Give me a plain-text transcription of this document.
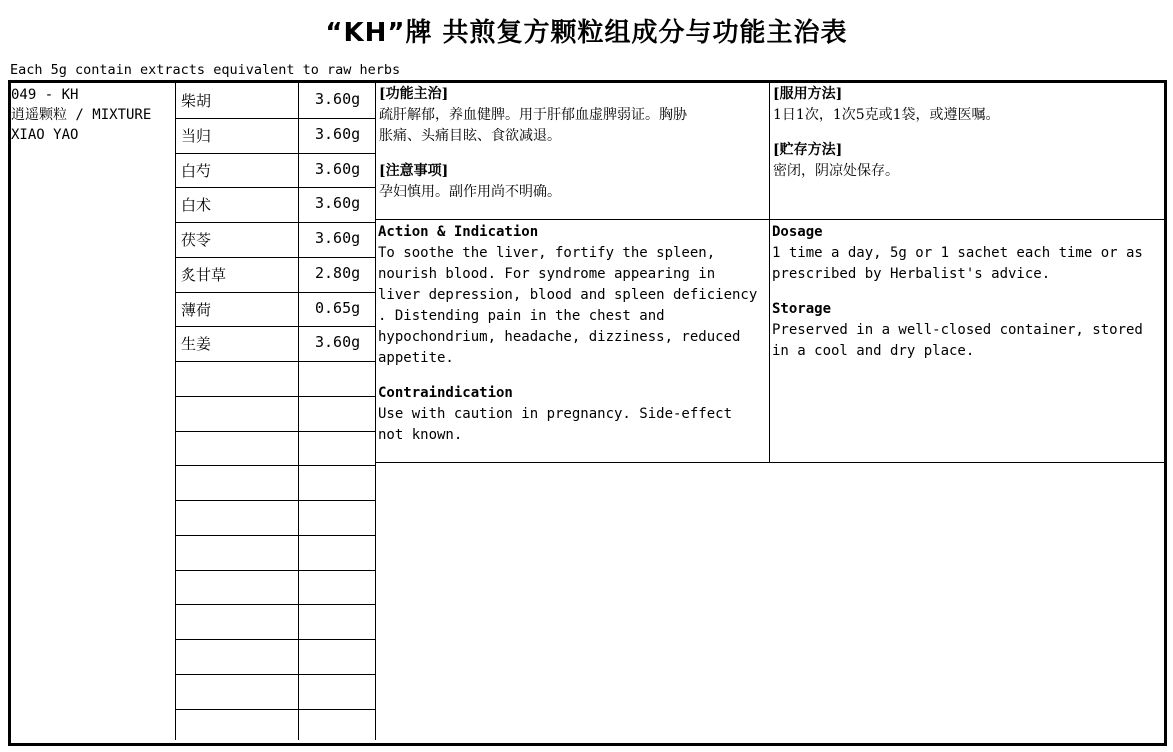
“KH”牌 共煎复方颗粒组成分与功能主治表
Each 5g contain extracts equivalent to raw herbs
049 - KH
逍遥颗粒 / MIXTURE
XIAO YAO
柴胡	3.60g
当归	3.60g
白芍	3.60g
白术	3.60g
茯苓	3.60g
炙甘草	2.80g
薄荷	0.65g
生姜	3.60g
[功能主治]
疏肝解郁，养血健脾。用于肝郁血虚脾弱证。胸胁
胀痛、头痛目眩、食欲减退。
[注意事项]
孕妇慎用。副作用尚不明确。
[服用方法]
1日1次，1次5克或1袋，或遵医嘱。
[贮存方法]
密闭，阴凉处保存。
Action & Indication
To soothe the liver, fortify the spleen,
nourish blood. For syndrome appearing in
liver depression, blood and spleen deficiency
. Distending pain in the chest and
hypochondrium, headache, dizziness, reduced
appetite.
Contraindication
Use with caution in pregnancy. Side-effect
not known.
Dosage
1 time a day, 5g or 1 sachet each time or as
prescribed by Herbalist's advice.
Storage
Preserved in a well-closed container, stored
in a cool and dry place.
